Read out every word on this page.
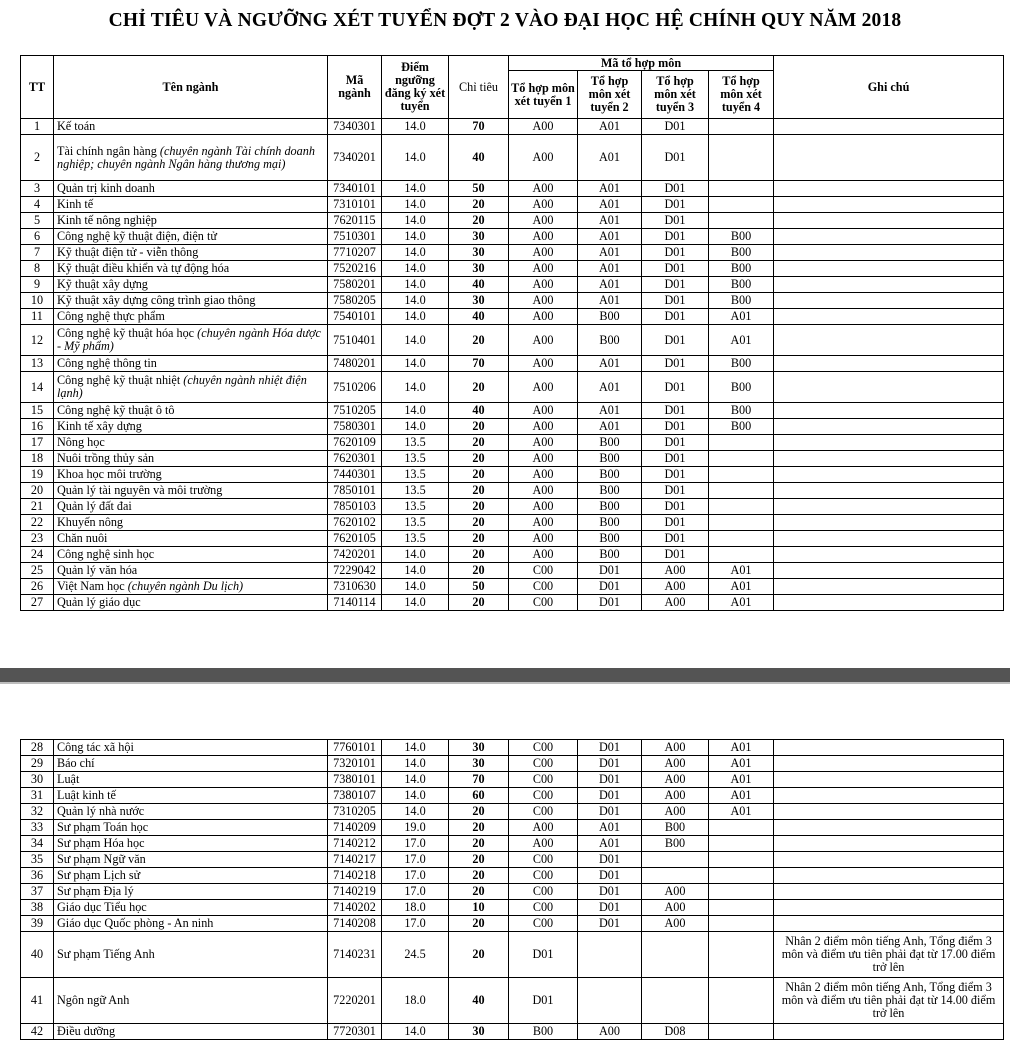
CHỈ TIÊU VÀ NGƯỠNG XÉT TUYỂN ĐỢT 2 VÀO ĐẠI HỌC HỆ CHÍNH QUY NĂM 2018
TT	Tên ngành	Mã ngành	Điểm ngưỡng đăng ký xét tuyển	Chỉ tiêu	Mã tổ hợp môn				Ghi chú
					Tổ hợp môn xét tuyển 1	Tổ hợp môn xét tuyển 2	Tổ hợp môn xét tuyển 3	Tổ hợp môn xét tuyển 4	
1	Kế toán	7340301	14.0	70	A00	A01	D01		
2	Tài chính ngân hàng (chuyên ngành Tài chính doanh nghiệp; chuyên ngành Ngân hàng thương mại)	7340201	14.0	40	A00	A01	D01		
3	Quản trị kinh doanh	7340101	14.0	50	A00	A01	D01		
4	Kinh tế	7310101	14.0	20	A00	A01	D01		
5	Kinh tế nông nghiệp	7620115	14.0	20	A00	A01	D01		
6	Công nghệ kỹ thuật điện, điện tử	7510301	14.0	30	A00	A01	D01	B00	
7	Kỹ thuật điện tử - viễn thông	7710207	14.0	30	A00	A01	D01	B00	
8	Kỹ thuật điều khiển và tự động hóa	7520216	14.0	30	A00	A01	D01	B00	
9	Kỹ thuật xây dựng	7580201	14.0	40	A00	A01	D01	B00	
10	Kỹ thuật xây dựng công trình giao thông	7580205	14.0	30	A00	A01	D01	B00	
11	Công nghệ thực phẩm	7540101	14.0	40	A00	B00	D01	A01	
12	Công nghệ kỹ thuật hóa học (chuyên ngành Hóa dược - Mỹ phẩm)	7510401	14.0	20	A00	B00	D01	A01	
13	Công nghệ thông tin	7480201	14.0	70	A00	A01	D01	B00	
14	Công nghệ kỹ thuật nhiệt (chuyên ngành nhiệt điện lạnh)	7510206	14.0	20	A00	A01	D01	B00	
15	Công nghệ kỹ thuật ô tô	7510205	14.0	40	A00	A01	D01	B00	
16	Kinh tế xây dựng	7580301	14.0	20	A00	A01	D01	B00	
17	Nông học	7620109	13.5	20	A00	B00	D01		
18	Nuôi trồng thủy sản	7620301	13.5	20	A00	B00	D01		
19	Khoa học môi trường	7440301	13.5	20	A00	B00	D01		
20	Quản lý tài nguyên và môi trường	7850101	13.5	20	A00	B00	D01		
21	Quản lý đất đai	7850103	13.5	20	A00	B00	D01		
22	Khuyến nông	7620102	13.5	20	A00	B00	D01		
23	Chăn nuôi	7620105	13.5	20	A00	B00	D01		
24	Công nghệ sinh học	7420201	14.0	20	A00	B00	D01		
25	Quản lý văn hóa	7229042	14.0	20	C00	D01	A00	A01	
26	Việt Nam học (chuyên ngành Du lịch)	7310630	14.0	50	C00	D01	A00	A01	
27	Quản lý giáo dục	7140114	14.0	20	C00	D01	A00	A01	
28	Công tác xã hội	7760101	14.0	30	C00	D01	A00	A01	
29	Báo chí	7320101	14.0	30	C00	D01	A00	A01	
30	Luật	7380101	14.0	70	C00	D01	A00	A01	
31	Luật kinh tế	7380107	14.0	60	C00	D01	A00	A01	
32	Quản lý nhà nước	7310205	14.0	20	C00	D01	A00	A01	
33	Sư phạm Toán học	7140209	19.0	20	A00	A01	B00		
34	Sư phạm Hóa học	7140212	17.0	20	A00	A01	B00		
35	Sư phạm Ngữ văn	7140217	17.0	20	C00	D01			
36	Sư phạm Lịch sử	7140218	17.0	20	C00	D01			
37	Sư phạm Địa lý	7140219	17.0	20	C00	D01	A00		
38	Giáo dục Tiểu học	7140202	18.0	10	C00	D01	A00		
39	Giáo dục Quốc phòng - An ninh	7140208	17.0	20	C00	D01	A00		
40	Sư phạm Tiếng Anh	7140231	24.5	20	D01				Nhân 2 điểm môn tiếng Anh, Tổng điểm 3 môn và điểm ưu tiên phải đạt từ 17.00 điểm trở lên
41	Ngôn ngữ Anh	7220201	18.0	40	D01				Nhân 2 điểm môn tiếng Anh, Tổng điểm 3 môn và điểm ưu tiên phải đạt từ 14.00 điểm trở lên
42	Điều dưỡng	7720301	14.0	30	B00	A00	D08		
